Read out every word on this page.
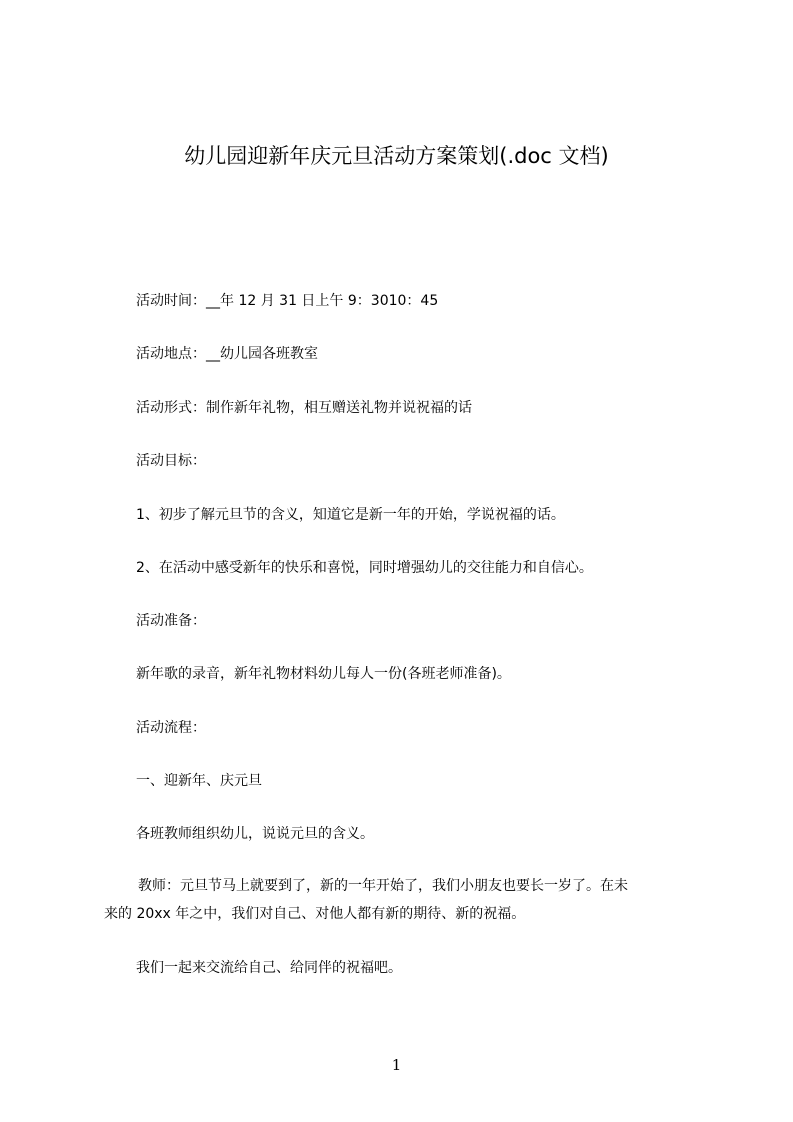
幼儿园迎新年庆元旦活动方案策划(.doc 文档)
活动时间：__年 12 月 31 日上午 9：3010：45
活动地点：__幼儿园各班教室
活动形式：制作新年礼物，相互赠送礼物并说祝福的话
活动目标：
1、初步了解元旦节的含义，知道它是新一年的开始，学说祝福的话。
2、在活动中感受新年的快乐和喜悦，同时增强幼儿的交往能力和自信心。
活动准备：
新年歌的录音，新年礼物材料幼儿每人一份(各班老师准备)。
活动流程：
一、迎新年、庆元旦
各班教师组织幼儿，说说元旦的含义。
教师：元旦节马上就要到了，新的一年开始了，我们小朋友也要长一岁了。在未
来的 20xx 年之中，我们对自己、对他人都有新的期待、新的祝福。
我们一起来交流给自己、给同伴的祝福吧。
1
